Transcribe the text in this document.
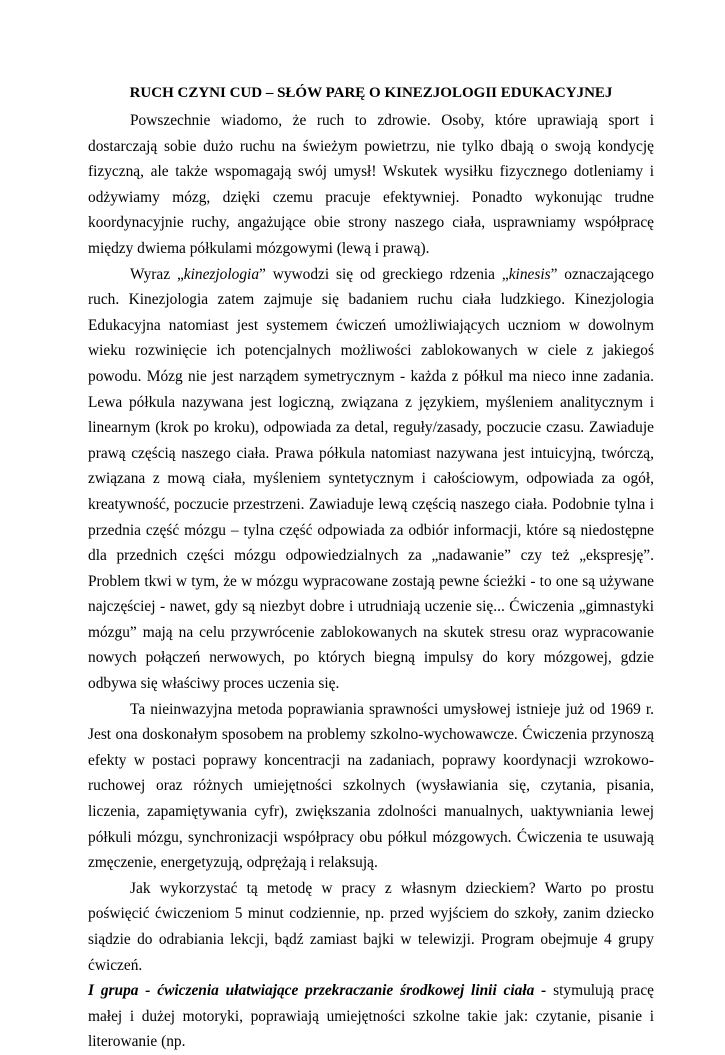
RUCH CZYNI CUD – SŁÓW PARĘ O KINEZJOLOGII EDUKACYJNEJ

Powszechnie wiadomo, że ruch to zdrowie. Osoby, które uprawiają sport i dostarczają sobie dużo ruchu na świeżym powietrzu, nie tylko dbają o swoją kondycję fizyczną, ale także wspomagają swój umysł! Wskutek wysiłku fizycznego dotleniamy i odżywiamy mózg, dzięki czemu pracuje efektywniej. Ponadto wykonując trudne koordynacyjnie ruchy, angażujące obie strony naszego ciała, usprawniamy współpracę między dwiema półkulami mózgowymi (lewą i prawą).

Wyraz „kinezjologia” wywodzi się od greckiego rdzenia „kinesis” oznaczającego ruch. Kinezjologia zatem zajmuje się badaniem ruchu ciała ludzkiego. Kinezjologia Edukacyjna natomiast jest systemem ćwiczeń umożliwiających uczniom w dowolnym wieku rozwinięcie ich potencjalnych możliwości zablokowanych w ciele z jakiegoś powodu. Mózg nie jest narządem symetrycznym - każda z półkul ma nieco inne zadania. Lewa półkula nazywana jest logiczną, związana z językiem, myśleniem analitycznym i linearnym (krok po kroku), odpowiada za detal, reguły/zasady, poczucie czasu. Zawiaduje prawą częścią naszego ciała. Prawa półkula natomiast nazywana jest intuicyjną, twórczą, związana z mową ciała, myśleniem syntetycznym i całościowym, odpowiada za ogół, kreatywność, poczucie przestrzeni. Zawiaduje lewą częścią naszego ciała. Podobnie tylna i przednia część mózgu – tylna część odpowiada za odbiór informacji, które są niedostępne dla przednich części mózgu odpowiedzialnych za „nadawanie” czy też „ekspresję”. Problem tkwi w tym, że w mózgu wypracowane zostają pewne ścieżki - to one są używane najczęściej - nawet, gdy są niezbyt dobre i utrudniają uczenie się... Ćwiczenia „gimnastyki mózgu” mają na celu przywrócenie zablokowanych na skutek stresu oraz wypracowanie nowych połączeń nerwowych, po których biegną impulsy do kory mózgowej, gdzie odbywa się właściwy proces uczenia się.

Ta nieinwazyjna metoda poprawiania sprawności umysłowej istnieje już od 1969 r. Jest ona doskonałym sposobem na problemy szkolno-wychowawcze. Ćwiczenia przynoszą efekty w postaci poprawy koncentracji na zadaniach, poprawy koordynacji wzrokowo-ruchowej oraz różnych umiejętności szkolnych (wysławiania się, czytania, pisania, liczenia, zapamiętywania cyfr), zwiększania zdolności manualnych, uaktywniania lewej półkuli mózgu, synchronizacji współpracy obu półkul mózgowych. Ćwiczenia te usuwają zmęczenie, energetyzują, odprężają i relaksują.

Jak wykorzystać tą metodę w pracy z własnym dzieckiem? Warto po prostu poświęcić ćwiczeniom 5 minut codziennie, np. przed wyjściem do szkoły, zanim dziecko siądzie do odrabiania lekcji, bądź zamiast bajki w telewizji. Program obejmuje 4 grupy ćwiczeń.

I grupa - ćwiczenia ułatwiające przekraczanie środkowej linii ciała - stymulują pracę małej i dużej motoryki, poprawiają umiejętności szkolne takie jak: czytanie, pisanie i literowanie (np.
